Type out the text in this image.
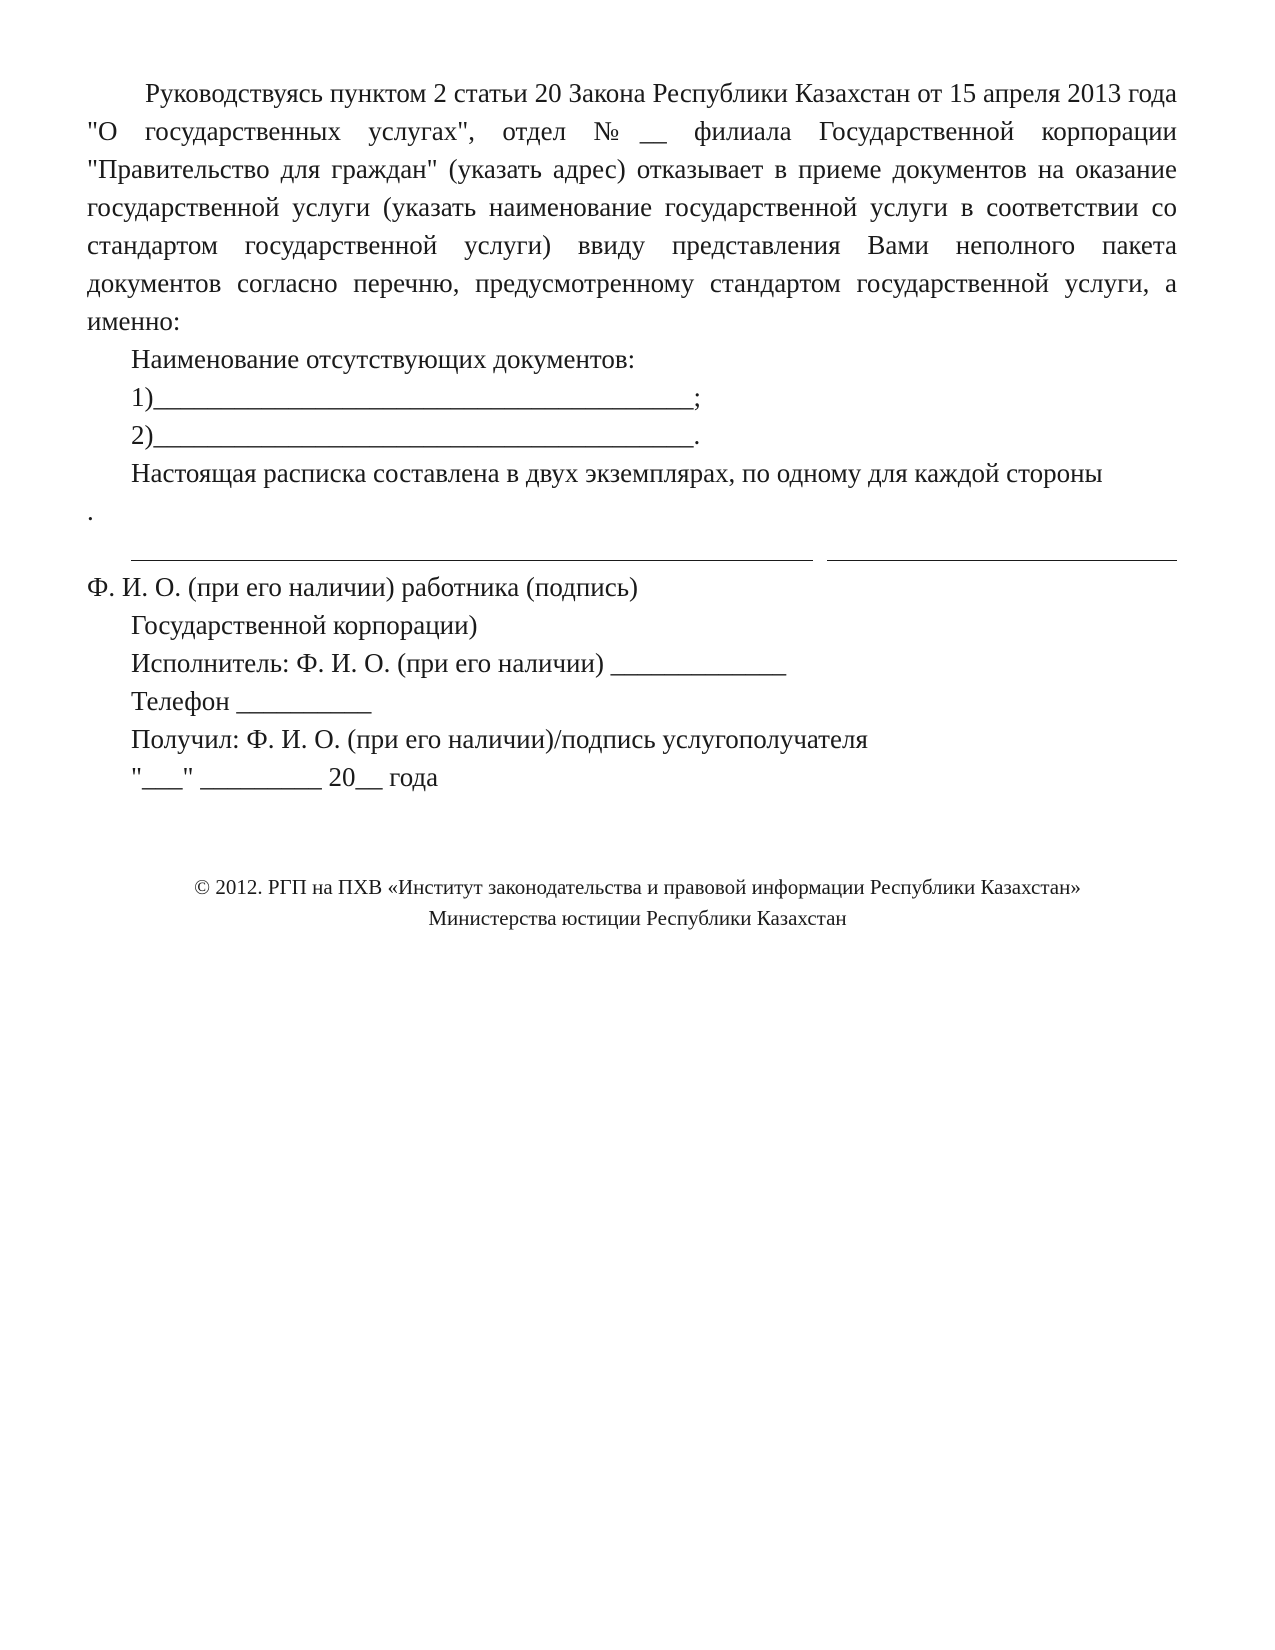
Руководствуясь пунктом 2 статьи 20 Закона Республики Казахстан от 15 апреля 2013 года "О государственных услугах", отдел №__ филиала Государственной корпорации "Правительство для граждан" (указать адрес) отказывает в приеме документов на оказание государственной услуги (указать наименование государственной услуги в соответствии со стандартом государственной услуги) ввиду представления Вами неполного пакета документов согласно перечню, предусмотренному стандартом государственной услуги, а именно:

Наименование отсутствующих документов:

1)________________________________________;

2)________________________________________.

Настоящая расписка составлена в двух экземплярах, по одному для каждой стороны

.

Ф. И. О. (при его наличии) работника (подпись)

Государственной корпорации)

Исполнитель: Ф. И. О. (при его наличии) _____________

Телефон __________

Получил: Ф. И. О. (при его наличии)/подпись услугополучателя

"___" _________ 20__ года

© 2012. РГП на ПХВ «Институт законодательства и правовой информации Республики Казахстан»

Министерства юстиции Республики Казахстан
